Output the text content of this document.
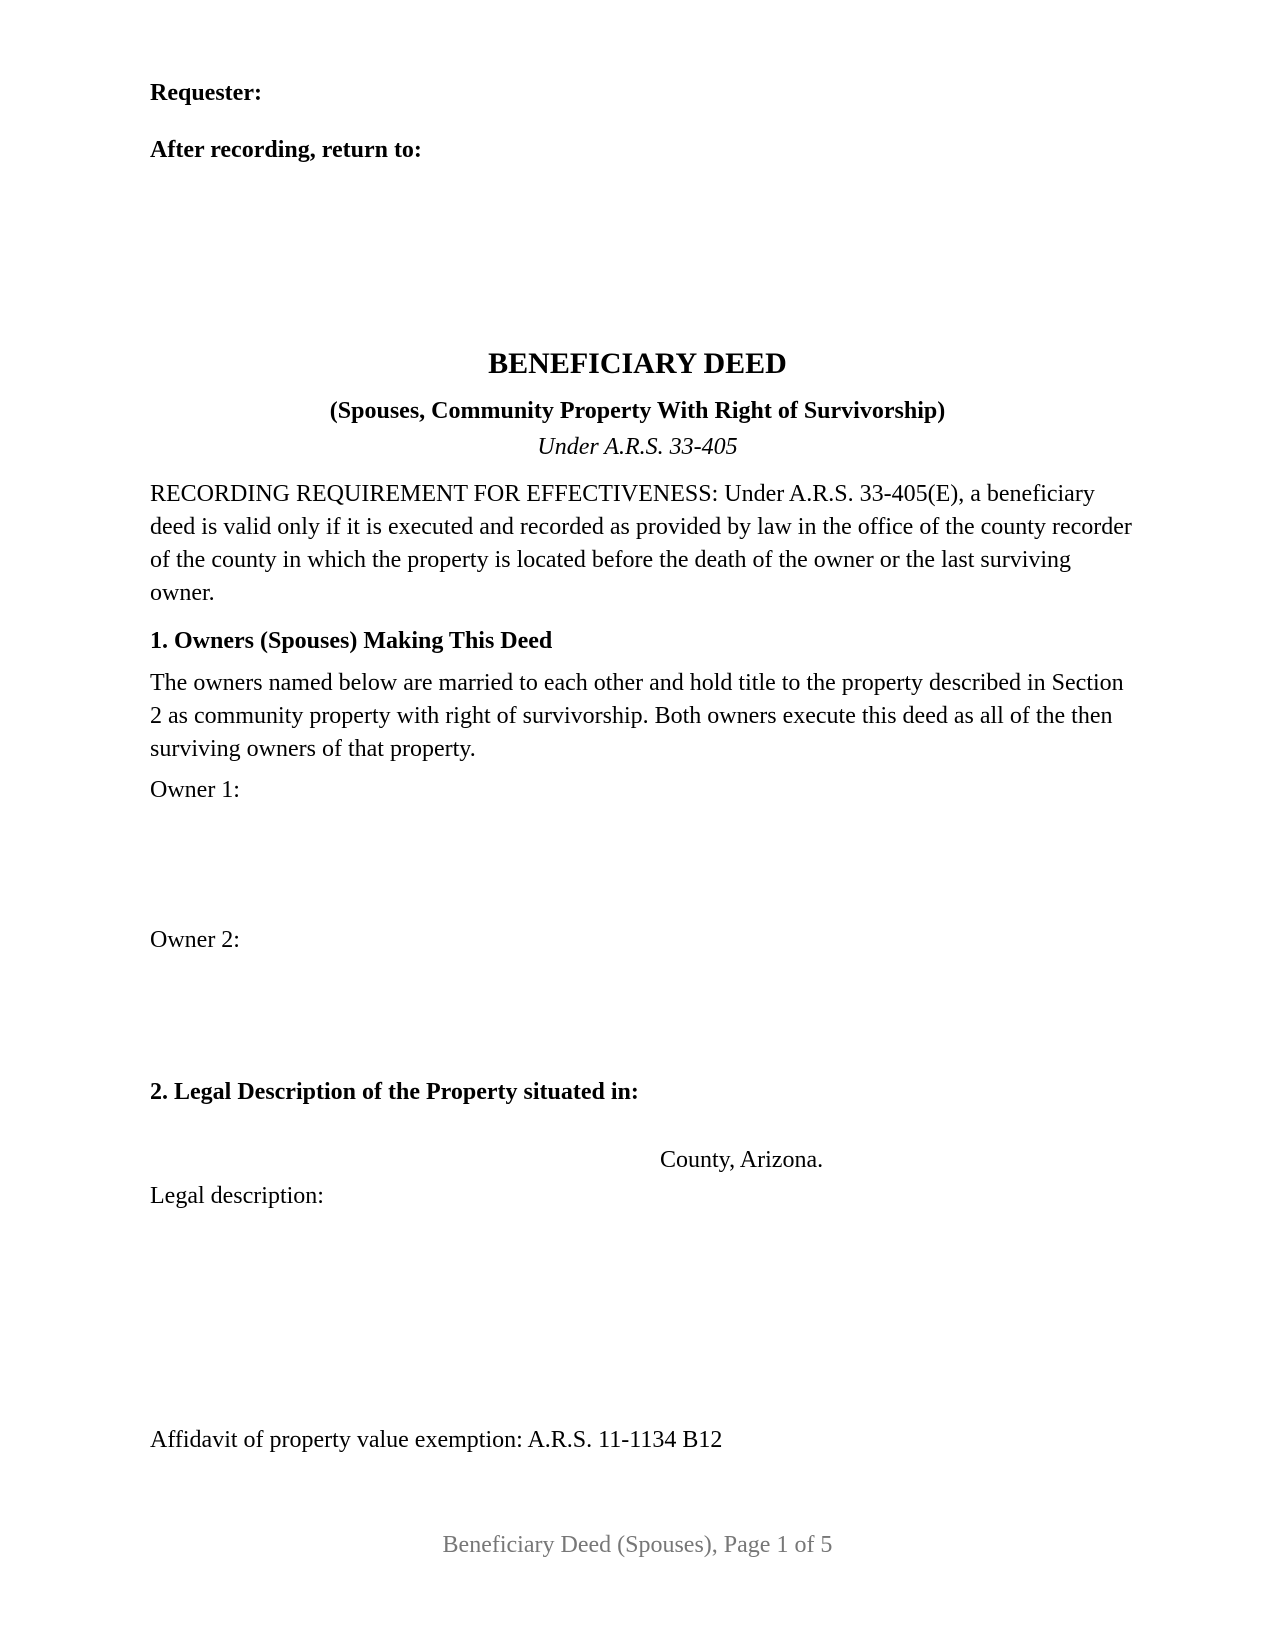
Requester:
After recording, return to:
BENEFICIARY DEED
(Spouses, Community Property With Right of Survivorship)
Under A.R.S. 33-405
RECORDING REQUIREMENT FOR EFFECTIVENESS: Under A.R.S. 33-405(E), a beneficiary deed is valid only if it is executed and recorded as provided by law in the office of the county recorder of the county in which the property is located before the death of the owner or the last surviving owner.
1. Owners (Spouses) Making This Deed
The owners named below are married to each other and hold title to the property described in Section 2 as community property with right of survivorship. Both owners execute this deed as all of the then surviving owners of that property.
Owner 1:
Owner 2:
2. Legal Description of the Property situated in:
County, Arizona.
Legal description:
Affidavit of property value exemption: A.R.S. 11-1134 B12
Beneficiary Deed (Spouses), Page 1 of 5
